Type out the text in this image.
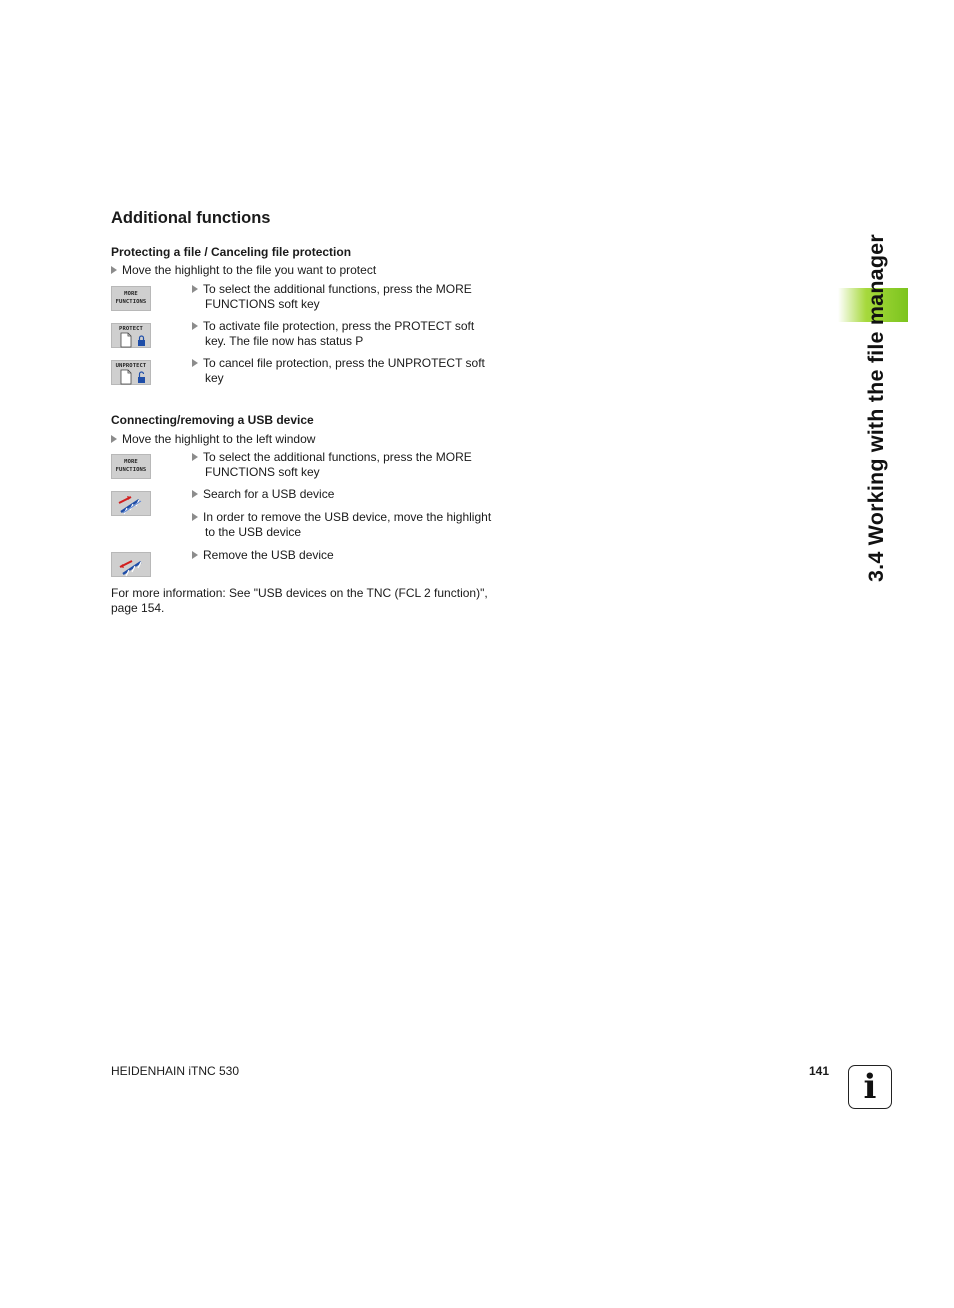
Additional functions
Protecting a file / Canceling file protection
Move the highlight to the file you want to protect
MORE
FUNCTIONS
To select the additional functions, press the MORE
FUNCTIONS soft key
PROTECT	To activate file protection, press the PROTECT soft
key. The file now has status P
UNPROTECT	To cancel file protection, press the UNPROTECT soft
key
Connecting/removing a USB device
Move the highlight to the left window
MORE
FUNCTIONS
To select the additional functions, press the MORE
FUNCTIONS soft key
Search for a USB device
In order to remove the USB device, move the highlight
to the USB device
Remove the USB device
For more information: See "USB devices on the TNC (FCL 2 function)",
page 154.
3.4 Working with the file manager
HEIDENHAIN iTNC 530	141	i
